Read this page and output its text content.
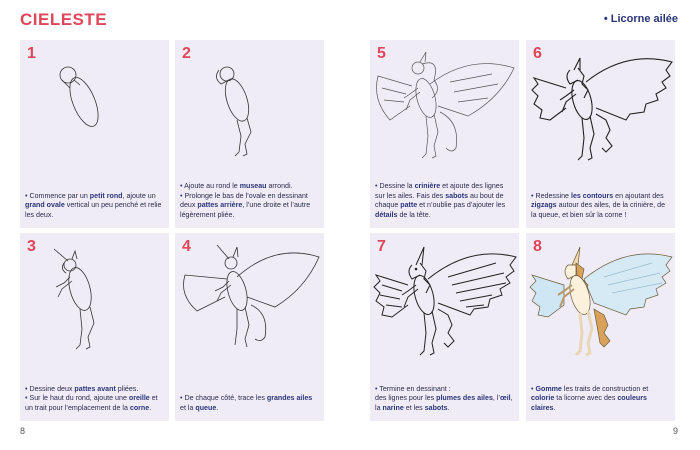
CIELESTE	• Licorne ailée
1

• Commence par un petit rond, ajoute un grand ovale vertical un peu penché et relie les deux.

2

• Ajoute au rond le museau arrondi.

• Prolonge le bas de l’ovale en dessinant deux pattes arrière, l’une droite et l’autre légèrement pliée.

3

• Dessine deux pattes avant pliées.

• Sur le haut du rond, ajoute une oreille et un trait pour l’emplacement de la corne.

4

• De chaque côté, trace les grandes ailes et la queue.

5

• Dessine la crinière et ajoute des lignes sur les ailes. Fais des sabots au bout de chaque patte et n’oublie pas d’ajouter les détails de la tête.

6

• Redessine les contours en ajoutant des zigzags autour des ailes, de la crinière, de la queue, et bien sûr la corne !

7

• Termine en dessinant :

des lignes pour les plumes des ailes, l’œil, la narine et les sabots.

8

• Gomme les traits de construction et colorie ta licorne avec des couleurs claires.

8	9
